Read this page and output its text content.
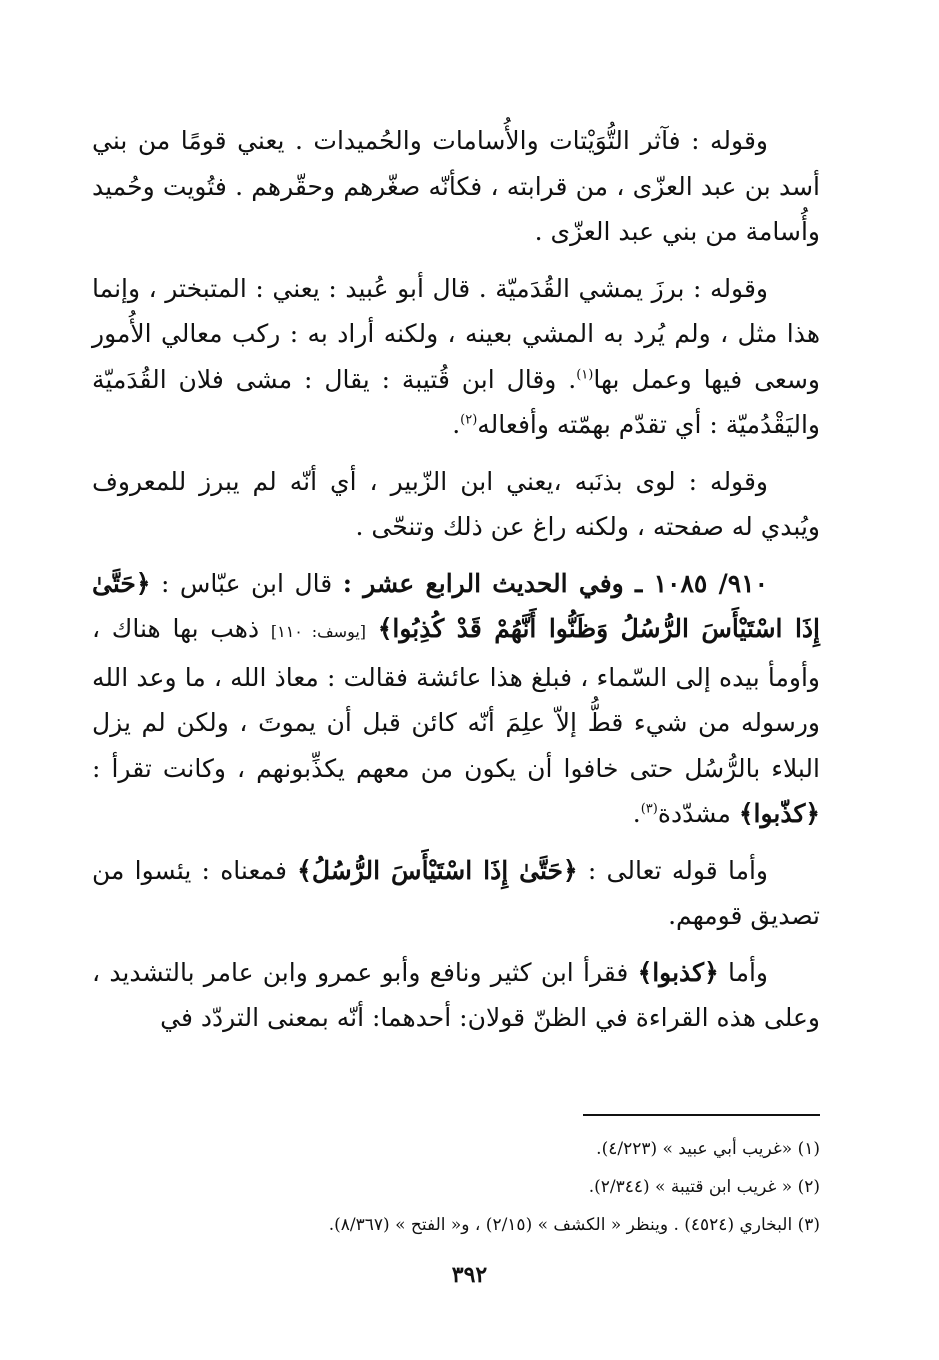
وقوله : فآثر التُّوَيْتات والأُسامات والحُميدات . يعني قومًا من بني أسد بن عبد العزّى ، من قرابته ، فكأنّه صغّرهم وحقّرهم . فتُويت وحُميد وأُسامة من بني عبد العزّى .

وقوله : برزَ يمشي القُدَميّة . قال أبو عُبيد : يعني : المتبختر ، وإنما هذا مثل ، ولم يُرد به المشي بعينه ، ولكنه أراد به : ركب معالي الأُمور وسعى فيها وعمل بها$^{(١)}$. وقال ابن قُتيبة : يقال : مشى فلان القُدَميّة واليَقْدُميّة : أي تقدّم بهمّته وأفعاله$^{(٢)}$.

وقوله : لوى بذنَبه ،يعني ابن الزّبير ، أي أنّه لم يبرز للمعروف ويُبدي له صفحته ، ولكنه راغ عن ذلك وتنحّى .

٩١٠/ ١٠٨٥ ـ وفي الحديث الرابع عشر : قال ابن عبّاس : ﴿حَتَّىٰ إِذَا اسْتَيْأَسَ الرُّسُلُ وَظَنُّوا أَنَّهُمْ قَدْ كُذِبُوا﴾ [يوسف: ١١٠] ذهب بها هناك ، وأومأ بيده إلى السّماء ، فبلغ هذا عائشة فقالت : معاذ الله ، ما وعد الله ورسوله من شيء قطُّ إلاّ علِمَ أنّه كائن قبل أن يموتَ ، ولكن لم يزل البلاء بالرُّسُل حتى خافوا أن يكون من معهم يكذِّبونهم ، وكانت تقرأ : ﴿كذّبوا﴾ مشدّدة$^{(٣)}$.

وأما قوله تعالى : ﴿حَتَّىٰ إِذَا اسْتَيْأَسَ الرُّسُلُ﴾ فمعناه : يئسوا من تصديق قومهم.

وأما ﴿كذبوا﴾ فقرأ ابن كثير ونافع وأبو عمرو وابن عامر بالتشديد ، وعلى هذه القراءة في الظنّ قولان: أحدهما: أنّه بمعنى التردّد في

(١) «غريب أبي عبيد » (٤/٢٢٣).

(٢) « غريب ابن قتيبة » (٢/٣٤٤).

(٣) البخاري (٤٥٢٤) . وينظر « الكشف » (٢/١٥) ، و« الفتح » (٨/٣٦٧).

٣٩٢
